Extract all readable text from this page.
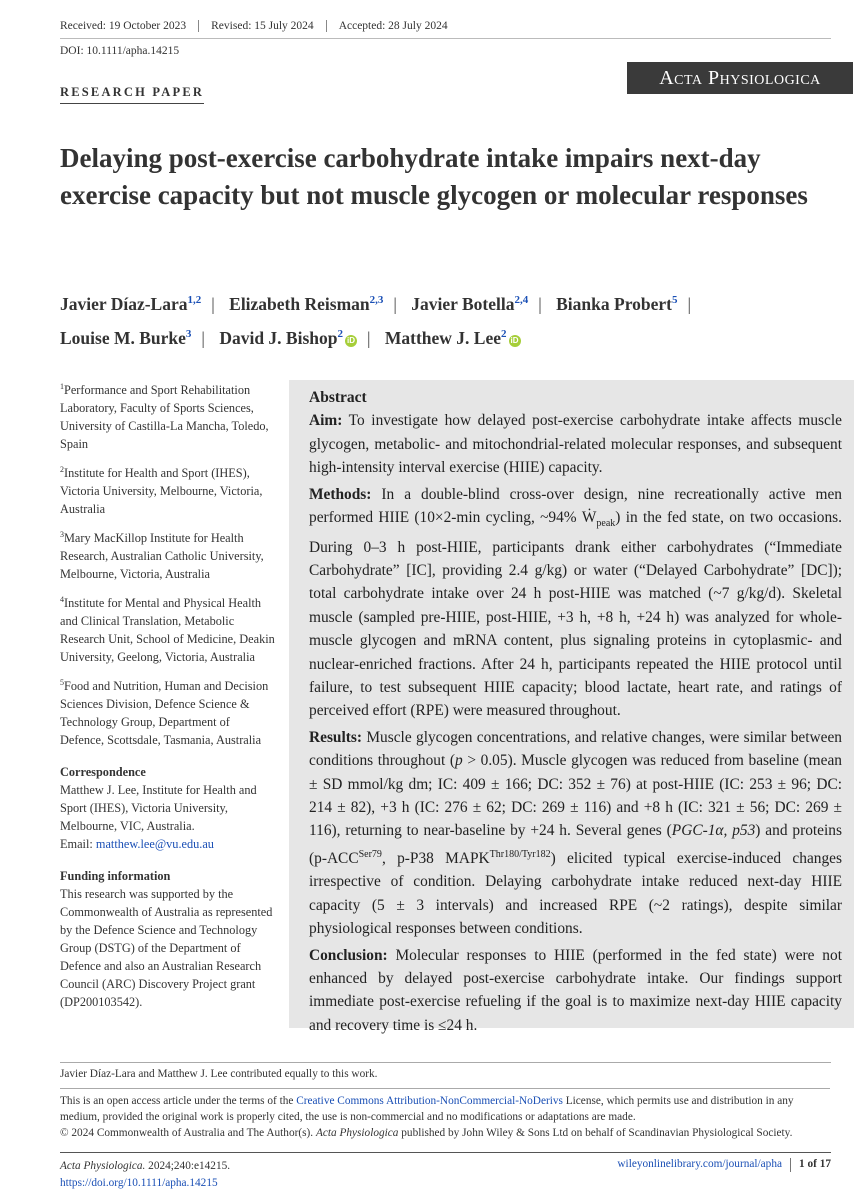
Received: 19 October 2023	Revised: 15 July 2024	Accepted: 28 July 2024
DOI: 10.1111/apha.14215
Acta Physiologica
RESEARCH PAPER
Delaying post-exercise carbohydrate intake impairs next-day exercise capacity but not muscle glycogen or molecular responses
Javier Díaz-Lara$^{1,2}$ | Elizabeth Reisman$^{2,3}$ | Javier Botella$^{2,4}$ | Bianka Probert$^5$ |
Louise M. Burke$^3$ | David J. Bishop$^2$iD | Matthew J. Lee$^2$iD

$^1$Performance and Sport Rehabilitation Laboratory, Faculty of Sports Sciences, University of Castilla-La Mancha, Toledo, Spain

$^2$Institute for Health and Sport (IHES), Victoria University, Melbourne, Victoria, Australia

$^3$Mary MacKillop Institute for Health Research, Australian Catholic University, Melbourne, Victoria, Australia

$^4$Institute for Mental and Physical Health and Clinical Translation, Metabolic Research Unit, School of Medicine, Deakin University, Geelong, Victoria, Australia

$^5$Food and Nutrition, Human and Decision Sciences Division, Defence Science & Technology Group, Department of Defence, Scottsdale, Tasmania, Australia

Correspondence

Matthew J. Lee, Institute for Health and Sport (IHES), Victoria University, Melbourne, VIC, Australia.
Email: matthew.lee@vu.edu.au

Funding information

This research was supported by the Commonwealth of Australia as represented by the Defence Science and Technology Group (DSTG) of the Department of Defence and also an Australian Research Council (ARC) Discovery Project grant (DP200103542).

Abstract

Aim: To investigate how delayed post-exercise carbohydrate intake affects muscle glycogen, metabolic- and mitochondrial-related molecular responses, and subsequent high-intensity interval exercise (HIIE) capacity.

Methods: In a double-blind cross-over design, nine recreationally active men performed HIIE (10×2-min cycling, ~94% Ẇ$_{peak}$) in the fed state, on two occasions. During 0–3 h post-HIIE, participants drank either carbohydrates (“Immediate Carbohydrate” [IC], providing 2.4 g/kg) or water (“Delayed Carbohydrate” [DC]); total carbohydrate intake over 24 h post-HIIE was matched (~7 g/kg/d). Skeletal muscle (sampled pre-HIIE, post-HIIE, +3 h, +8 h, +24 h) was analyzed for whole-muscle glycogen and mRNA content, plus signaling proteins in cytoplasmic- and nuclear-enriched fractions. After 24 h, participants repeated the HIIE protocol until failure, to test subsequent HIIE capacity; blood lactate, heart rate, and ratings of perceived effort (RPE) were measured throughout.

Results: Muscle glycogen concentrations, and relative changes, were similar between conditions throughout (p > 0.05). Muscle glycogen was reduced from baseline (mean ± SD mmol/kg dm; IC: 409 ± 166; DC: 352 ± 76) at post-HIIE (IC: 253 ± 96; DC: 214 ± 82), +3 h (IC: 276 ± 62; DC: 269 ± 116) and +8 h (IC: 321 ± 56; DC: 269 ± 116), returning to near-baseline by +24 h. Several genes (PGC-1α, p53) and proteins ($p-ACC^{Ser79}$, p-P38 $MAPK^{Thr180/Tyr182}$) elicited typical exercise-induced changes irrespective of condition. Delaying carbohydrate intake reduced next-day HIIE capacity (5 ± 3 intervals) and increased RPE (~2 ratings), despite similar physiological responses between conditions.

Conclusion: Molecular responses to HIIE (performed in the fed state) were not enhanced by delayed post-exercise carbohydrate intake. Our findings support immediate post-exercise refueling if the goal is to maximize next-day HIIE capacity and recovery time is ≤24 h.

Javier Díaz-Lara and Matthew J. Lee contributed equally to this work.
This is an open access article under the terms of the Creative Commons Attribution-NonCommercial-NoDerivs License, which permits use and distribution in any medium, provided the original work is properly cited, the use is non-commercial and no modifications or adaptations are made.
© 2024 Commonwealth of Australia and The Author(s). Acta Physiologica published by John Wiley & Sons Ltd on behalf of Scandinavian Physiological Society.
Acta Physiologica. 2024;240:e14215.
https://doi.org/10.1111/apha.14215
wileyonlinelibrary.com/journal/apha 1 of 17
